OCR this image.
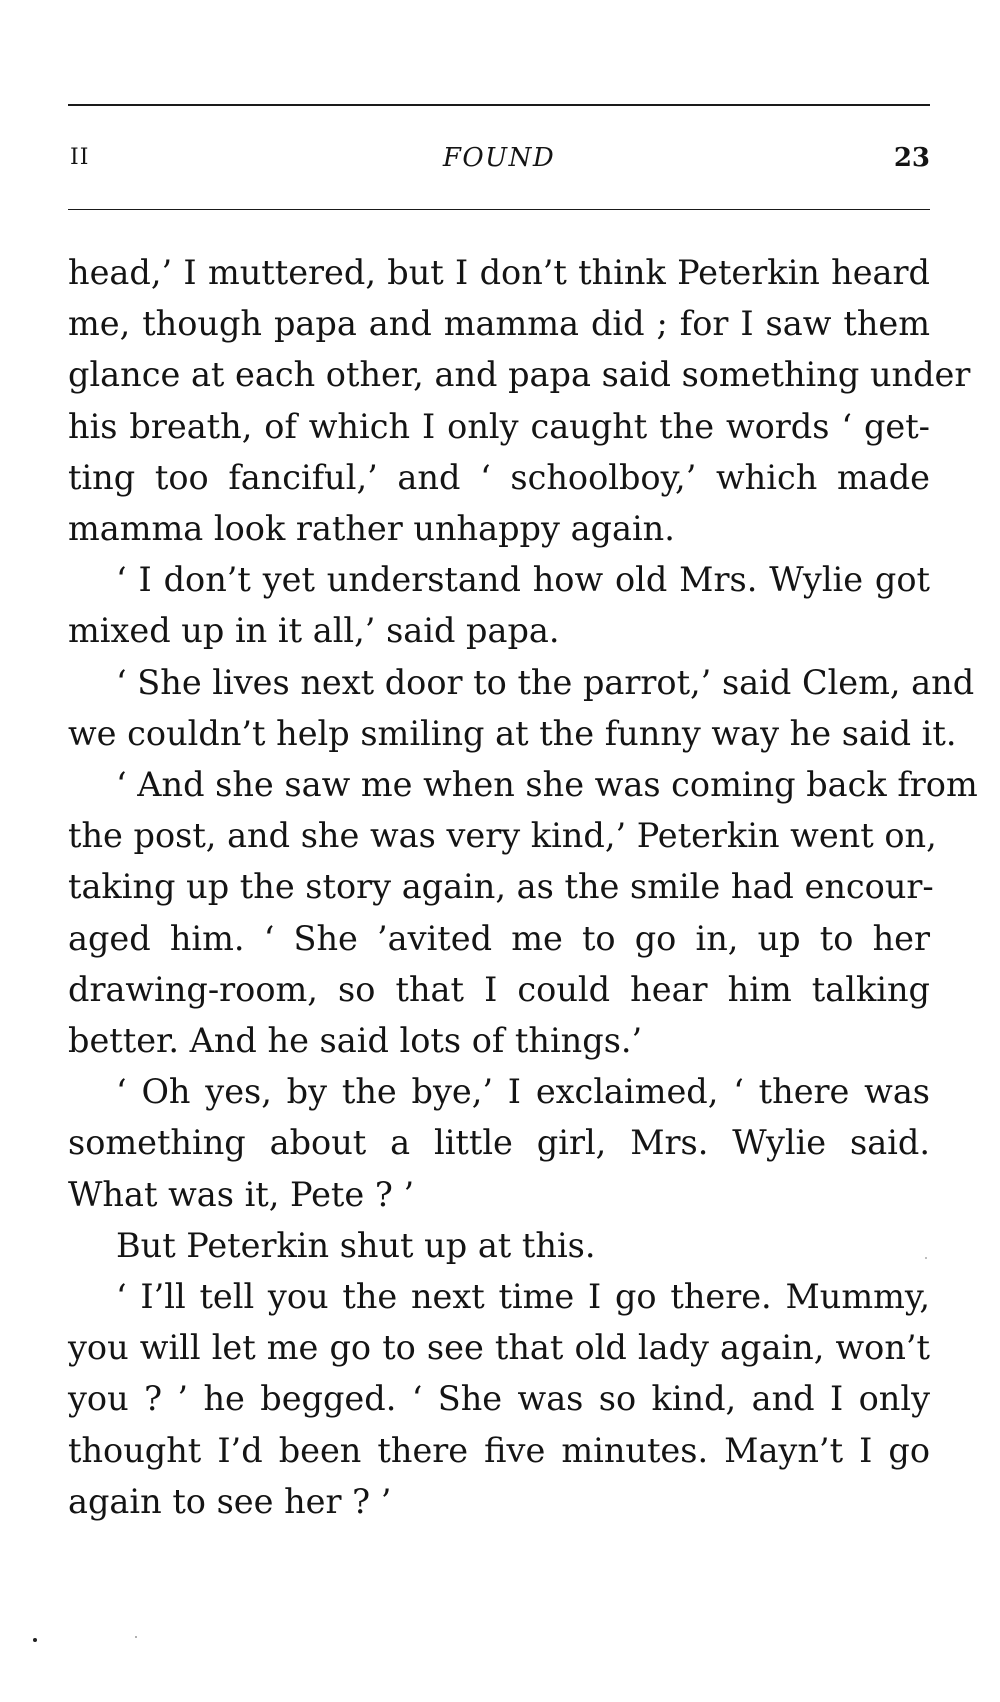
II	FOUND	23

head,’ I muttered, but I don’t think Peterkin heard
me, though papa and mamma did ; for I saw them
glance at each other, and papa said something under
his breath, of which I only caught the words ‘ get-
ting too fanciful,’ and ‘ schoolboy,’ which made
mamma look rather unhappy again.

‘ I don’t yet understand how old Mrs. Wylie got
mixed up in it all,’ said papa.

‘ She lives next door to the parrot,’ said Clem, and
we couldn’t help smiling at the funny way he said it.

‘ And she saw me when she was coming back from
the post, and she was very kind,’ Peterkin went on,
taking up the story again, as the smile had encour-
aged him. ‘ She ’avited me to go in, up to her
drawing-room, so that I could hear him talking
better. And he said lots of things.’

‘ Oh yes, by the bye,’ I exclaimed, ‘ there was
something about a little girl, Mrs. Wylie said.
What was it, Pete ? ’

But Peterkin shut up at this.

‘ I’ll tell you the next time I go there. Mummy,
you will let me go to see that old lady again, won’t
you ? ’ he begged. ‘ She was so kind, and I only
thought I’d been there five minutes. Mayn’t I go
again to see her ? ’
